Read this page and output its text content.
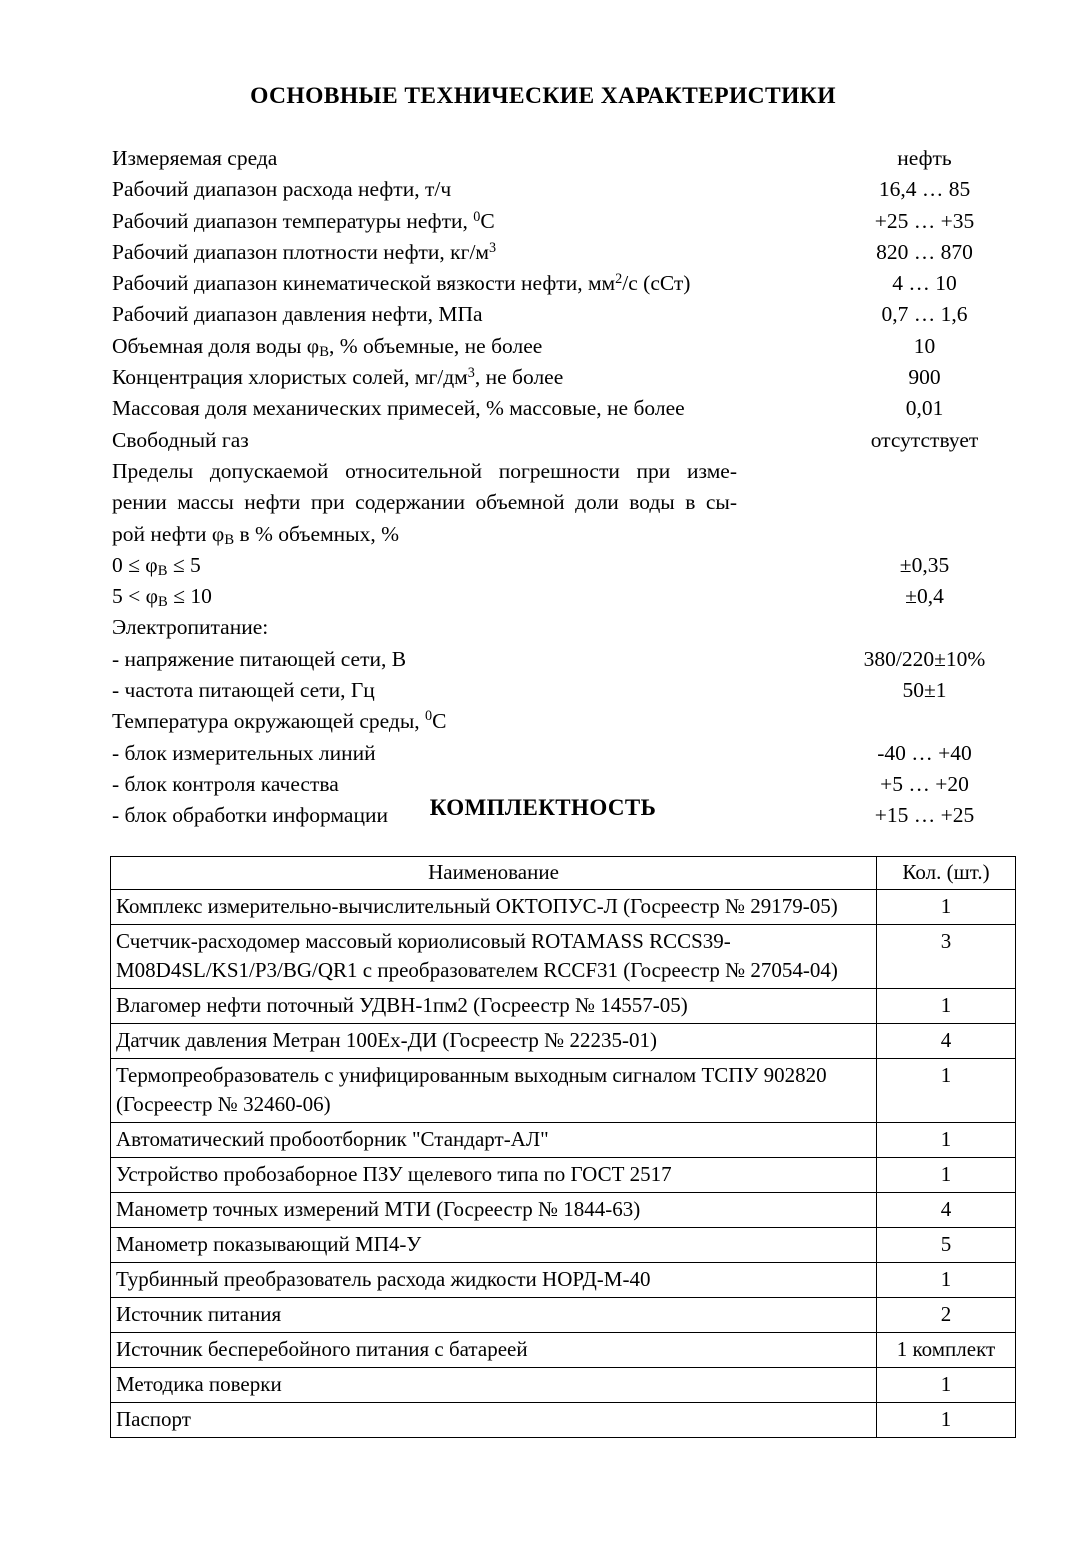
ОСНОВНЫЕ ТЕХНИЧЕСКИЕ ХАРАКТЕРИСТИКИ
Измеряемая среда	нефть
Рабочий диапазон расхода нефти, т/ч	16,4 … 85
Рабочий диапазон температуры нефти, $^0$С	+25 … +35
Рабочий диапазон плотности нефти, $кг/м^3$	820 … 870
Рабочий диапазон кинематической вязкости нефти, $мм^2/с$ (сСт)	4 … 10
Рабочий диапазон давления нефти, МПа	0,7 … 1,6
Объемная доля воды $\varphi_В$, % объемные, не более	10
Концентрация хлористых солей, $мг/дм^3$, не более	900
Массовая доля механических примесей, % массовые, не более	0,01
Свободный газ	отсутствует
Пределы допускаемой относительной погрешности при изме-
рении массы нефти при содержании объемной доли воды в сы-
рой нефти $\varphi_В$ в % объемных, %
$0 \le \varphi_В \le 5$	±0,35
$5 < \varphi_В \le 10$	±0,4
Электропитание:
- напряжение питающей сети, В	380/220±10%
- частота питающей сети, Гц	50±1
Температура окружающей среды, $^0$С
- блок измерительных линий	-40 … +40
- блок контроля качества	+5 … +20
- блок обработки информации	+15 … +25
КОМПЛЕКТНОСТЬ
Наименование	Кол. (шт.)
Комплекс измерительно-вычислительный ОКТОПУС-Л (Госреестр № 29179-05)	1
Счетчик-расходомер массовый кориолисовый ROTAMASS RCCS39-M08D4SL/KS1/P3/BG/QR1 с преобразователем RCCF31 (Госреестр № 27054-04)	3
Влагомер нефти поточный УДВН-1пм2 (Госреестр № 14557-05)	1
Датчик давления Метран 100Ех-ДИ (Госреестр № 22235-01)	4
Термопреобразователь с унифицированным выходным сигналом ТСПУ 902820 (Госреестр № 32460-06)	1
Автоматический пробоотборник "Стандарт-АЛ"	1
Устройство пробозаборное ПЗУ щелевого типа по ГОСТ 2517	1
Манометр точных измерений МТИ (Госреестр № 1844-63)	4
Манометр показывающий МП4-У	5
Турбинный преобразователь расхода жидкости НОРД-М-40	1
Источник питания	2
Источник бесперебойного питания с батареей	1 комплект
Методика поверки	1
Паспорт	1
